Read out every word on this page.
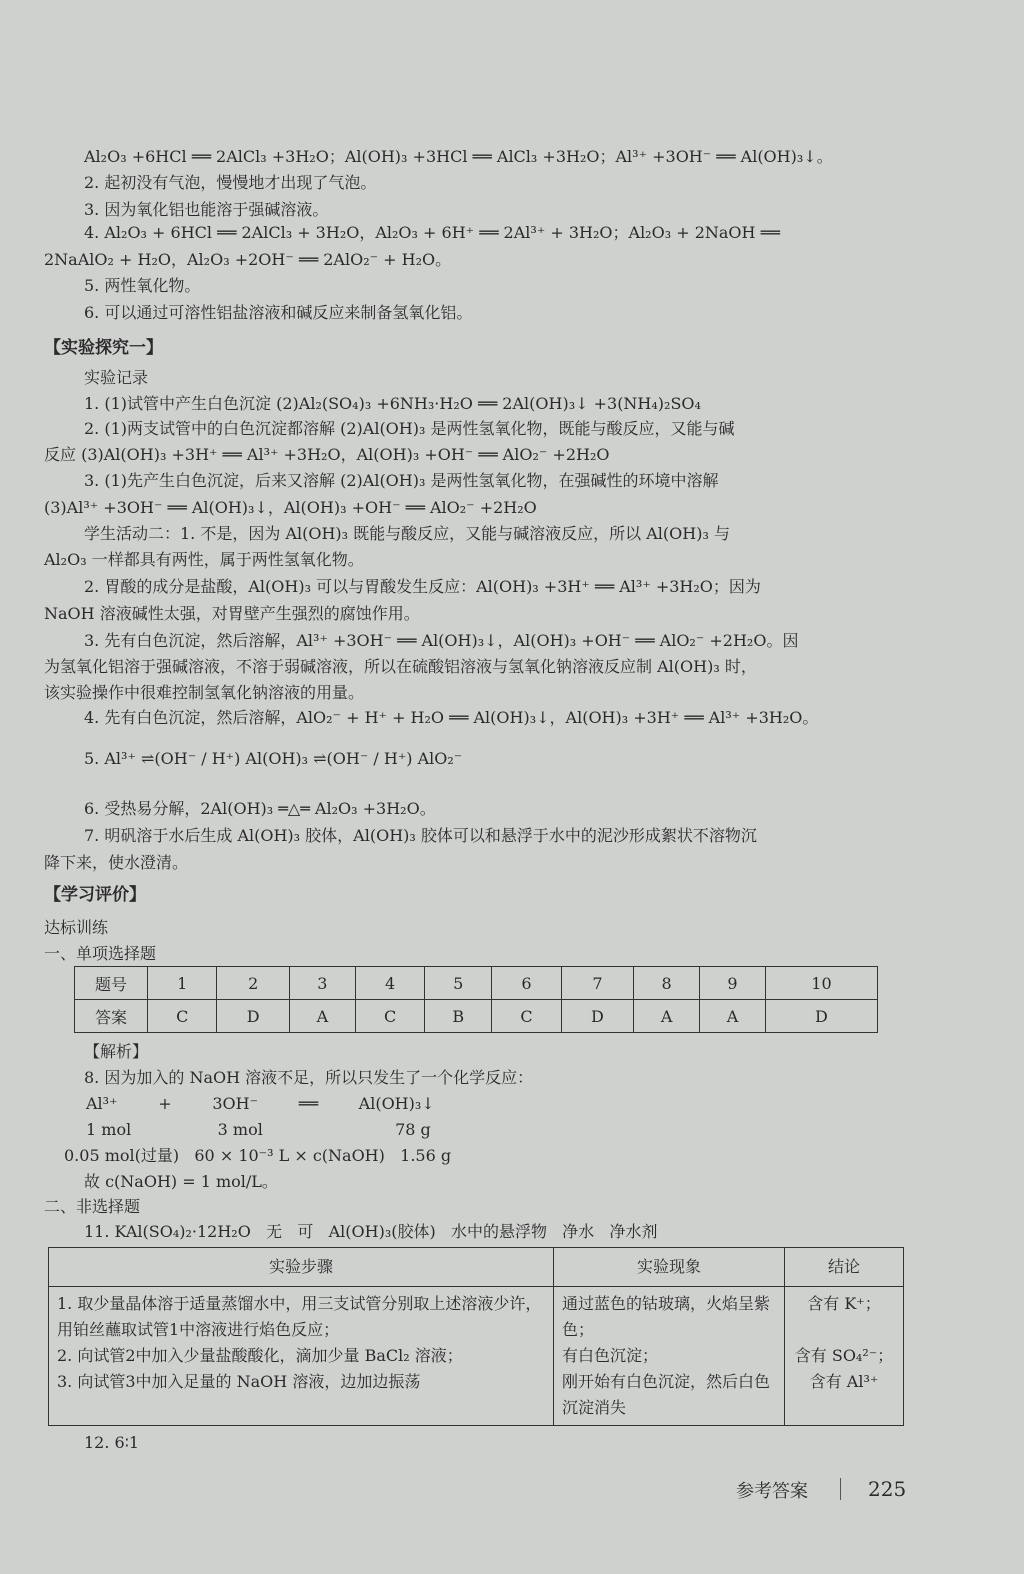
Al₂O₃ +6HCl ══ 2AlCl₃ +3H₂O；Al(OH)₃ +3HCl ══ AlCl₃ +3H₂O；Al³⁺ +3OH⁻ ══ Al(OH)₃↓。
2. 起初没有气泡，慢慢地才出现了气泡。
3. 因为氧化铝也能溶于强碱溶液。
4. Al₂O₃ + 6HCl ══ 2AlCl₃ + 3H₂O，Al₂O₃ + 6H⁺ ══ 2Al³⁺ + 3H₂O；Al₂O₃ + 2NaOH ══
2NaAlO₂ + H₂O，Al₂O₃ +2OH⁻ ══ 2AlO₂⁻ + H₂O。
5. 两性氧化物。
6. 可以通过可溶性铝盐溶液和碱反应来制备氢氧化铝。
【实验探究一】
实验记录
1. (1)试管中产生白色沉淀 (2)Al₂(SO₄)₃ +6NH₃·H₂O ══ 2Al(OH)₃↓ +3(NH₄)₂SO₄
2. (1)两支试管中的白色沉淀都溶解 (2)Al(OH)₃ 是两性氢氧化物，既能与酸反应，又能与碱
反应 (3)Al(OH)₃ +3H⁺ ══ Al³⁺ +3H₂O，Al(OH)₃ +OH⁻ ══ AlO₂⁻ +2H₂O
3. (1)先产生白色沉淀，后来又溶解 (2)Al(OH)₃ 是两性氢氧化物，在强碱性的环境中溶解
(3)Al³⁺ +3OH⁻ ══ Al(OH)₃↓，Al(OH)₃ +OH⁻ ══ AlO₂⁻ +2H₂O
学生活动二：1. 不是，因为 Al(OH)₃ 既能与酸反应，又能与碱溶液反应，所以 Al(OH)₃ 与
Al₂O₃ 一样都具有两性，属于两性氢氧化物。
2. 胃酸的成分是盐酸，Al(OH)₃ 可以与胃酸发生反应：Al(OH)₃ +3H⁺ ══ Al³⁺ +3H₂O；因为
NaOH 溶液碱性太强，对胃壁产生强烈的腐蚀作用。
3. 先有白色沉淀，然后溶解，Al³⁺ +3OH⁻ ══ Al(OH)₃↓，Al(OH)₃ +OH⁻ ══ AlO₂⁻ +2H₂O。因
为氢氧化铝溶于强碱溶液，不溶于弱碱溶液，所以在硫酸铝溶液与氢氧化钠溶液反应制 Al(OH)₃ 时，
该实验操作中很难控制氢氧化钠溶液的用量。
4. 先有白色沉淀，然后溶解，AlO₂⁻ + H⁺ + H₂O ══ Al(OH)₃↓，Al(OH)₃ +3H⁺ ══ Al³⁺ +3H₂O。
5. Al³⁺ ⇌(OH⁻ / H⁺) Al(OH)₃ ⇌(OH⁻ / H⁺) AlO₂⁻
6. 受热易分解，2Al(OH)₃ ═△═ Al₂O₃ +3H₂O。
7. 明矾溶于水后生成 Al(OH)₃ 胶体，Al(OH)₃ 胶体可以和悬浮于水中的泥沙形成絮状不溶物沉
降下来，使水澄清。
【学习评价】
达标训练
一、单项选择题
题号	1	2	3	4	5	6	7	8	9	10
答案	C	D	A	C	B	C	D	A	A	D
【解析】
8. 因为加入的 NaOH 溶液不足，所以只发生了一个化学反应：
Al³⁺        +        3OH⁻        ══        Al(OH)₃↓
1 mol                 3 mol                          78 g
0.05 mol(过量)   60 × 10⁻³ L × c(NaOH)   1.56 g
故 c(NaOH) = 1 mol/L。
二、非选择题
11. KAl(SO₄)₂·12H₂O   无   可   Al(OH)₃(胶体)   水中的悬浮物   净水   净水剂
实验步骤	实验现象	结论
1. 取少量晶体溶于适量蒸馏水中，用三支试管分别取上述溶液少许，用铂丝蘸取试管1中溶液进行焰色反应；
2. 向试管2中加入少量盐酸酸化，滴加少量 BaCl₂ 溶液；
3. 向试管3中加入足量的 NaOH 溶液，边加边振荡	通过蓝色的钴玻璃，火焰呈紫色；
有白色沉淀；
刚开始有白色沉淀，然后白色沉淀消失	含有 K⁺；

含有 SO₄²⁻；
含有 Al³⁺
12. 6∶1
参考答案	225
